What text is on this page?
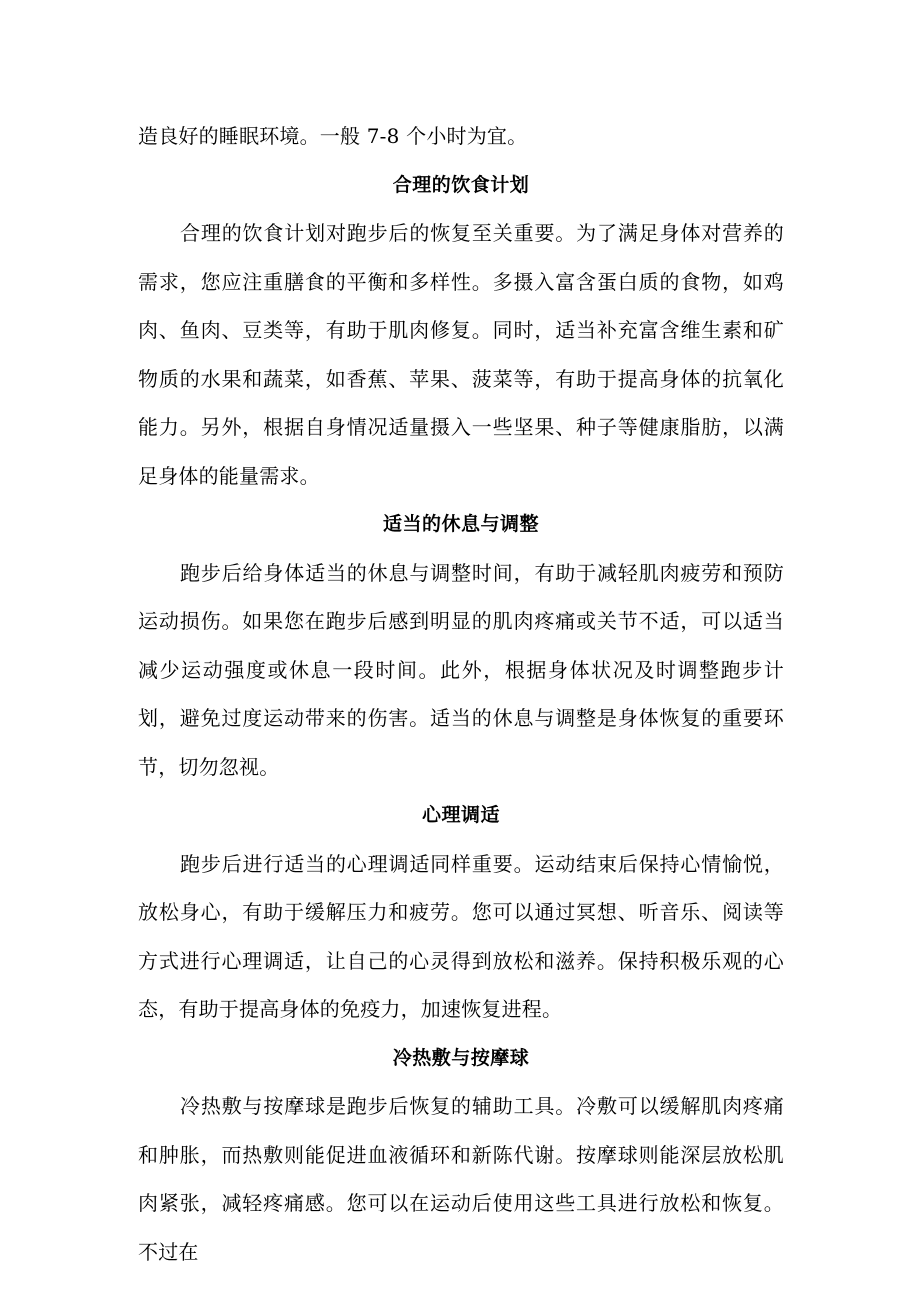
造良好的睡眠环境。一般 7-8 个小时为宜。

合理的饮食计划

合理的饮食计划对跑步后的恢复至关重要。为了满足身体对营养的需求，您应注重膳食的平衡和多样性。多摄入富含蛋白质的食物，如鸡肉、鱼肉、豆类等，有助于肌肉修复。同时，适当补充富含维生素和矿物质的水果和蔬菜，如香蕉、苹果、菠菜等，有助于提高身体的抗氧化能力。另外，根据自身情况适量摄入一些坚果、种子等健康脂肪，以满足身体的能量需求。

适当的休息与调整

跑步后给身体适当的休息与调整时间，有助于减轻肌肉疲劳和预防运动损伤。如果您在跑步后感到明显的肌肉疼痛或关节不适，可以适当减少运动强度或休息一段时间。此外，根据身体状况及时调整跑步计划，避免过度运动带来的伤害。适当的休息与调整是身体恢复的重要环节，切勿忽视。

心理调适

跑步后进行适当的心理调适同样重要。运动结束后保持心情愉悦，放松身心，有助于缓解压力和疲劳。您可以通过冥想、听音乐、阅读等方式进行心理调适，让自己的心灵得到放松和滋养。保持积极乐观的心态，有助于提高身体的免疫力，加速恢复进程。

冷热敷与按摩球

冷热敷与按摩球是跑步后恢复的辅助工具。冷敷可以缓解肌肉疼痛和肿胀，而热敷则能促进血液循环和新陈代谢。按摩球则能深层放松肌肉紧张，减轻疼痛感。您可以在运动后使用这些工具进行放松和恢复。不过在
